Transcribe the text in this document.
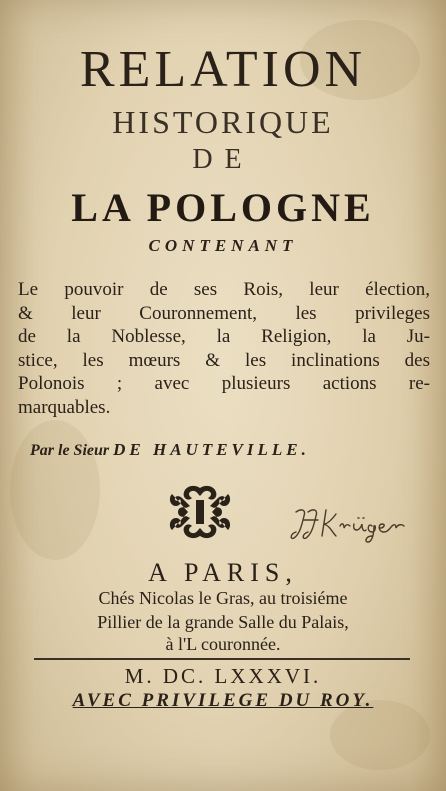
RELATION
HISTORIQUE
DE
LA POLOGNE
CONTENANT
Le pouvoir de ses Rois, leur élection,
& leur Couronnement, les privileges
de la Noblesse, la Religion, la Ju-
stice, les mœurs & les inclinations des
Polonois ; avec plusieurs actions re-
marquables.
Par le Sieur DE HAUTEVILLE.
A PARIS,
Chés Nicolas le Gras, au troisiéme
Pillier de la grande Salle du Palais,
à l'L couronnée.
M. DC. LXXXVI.
AVEC PRIVILEGE DU ROY.
